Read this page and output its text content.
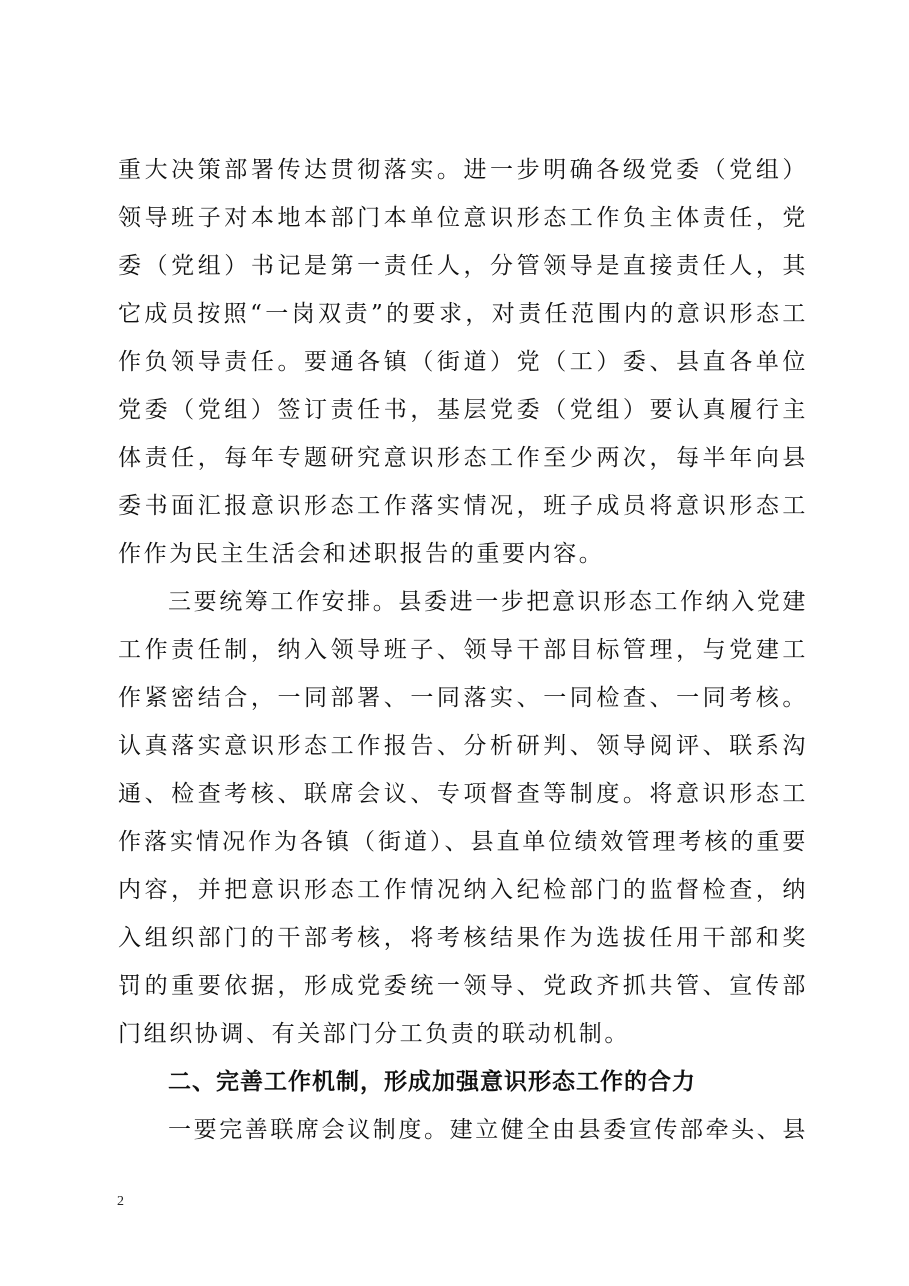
重大决策部署传达贯彻落实。进一步明确各级党委（党组）领导班子对本地本部门本单位意识形态工作负主体责任，党委（党组）书记是第一责任人，分管领导是直接责任人，其它成员按照“一岗双责”的要求，对责任范围内的意识形态工作负领导责任。要通各镇（街道）党（工）委、县直各单位党委（党组）签订责任书，基层党委（党组）要认真履行主体责任，每年专题研究意识形态工作至少两次，每半年向县委书面汇报意识形态工作落实情况，班子成员将意识形态工作作为民主生活会和述职报告的重要内容。

三要统筹工作安排。县委进一步把意识形态工作纳入党建工作责任制，纳入领导班子、领导干部目标管理，与党建工作紧密结合，一同部署、一同落实、一同检查、一同考核。认真落实意识形态工作报告、分析研判、领导阅评、联系沟通、检查考核、联席会议、专项督查等制度。将意识形态工作落实情况作为各镇（街道）、县直单位绩效管理考核的重要内容，并把意识形态工作情况纳入纪检部门的监督检查，纳入组织部门的干部考核，将考核结果作为选拔任用干部和奖罚的重要依据，形成党委统一领导、党政齐抓共管、宣传部门组织协调、有关部门分工负责的联动机制。

二、完善工作机制，形成加强意识形态工作的合力

一要完善联席会议制度。建立健全由县委宣传部牵头、县

2
